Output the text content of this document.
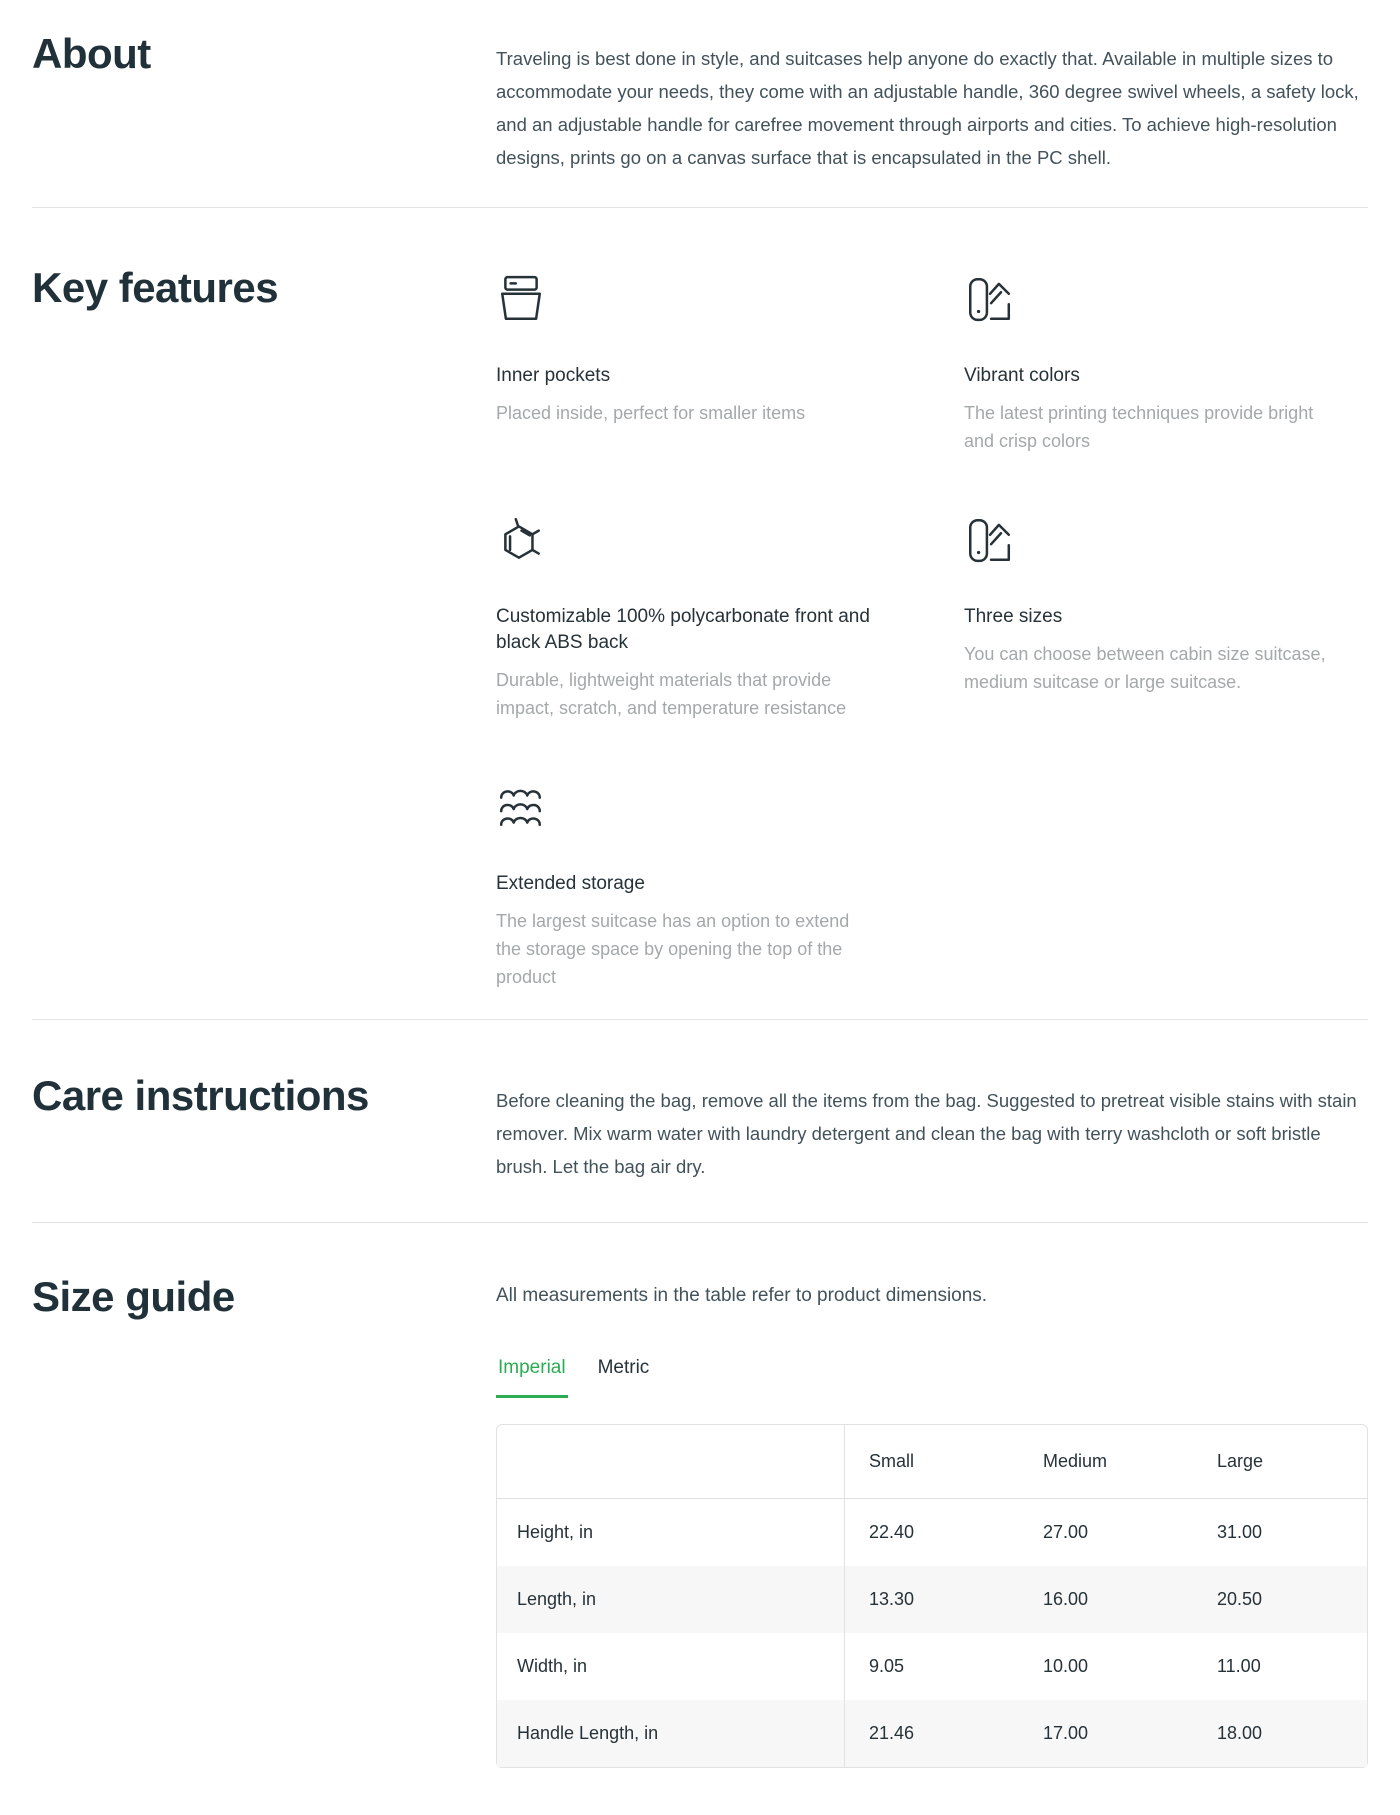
About	Traveling is best done in style, and suitcases help anyone do exactly that. Available in multiple sizes to accommodate your needs, they come with an adjustable handle, 360 degree swivel wheels, a safety lock, and an adjustable handle for carefree movement through airports and cities. To achieve high-resolution designs, prints go on a canvas surface that is encapsulated in the PC shell.

Key features
Inner pockets

Placed inside, perfect for smaller items

Vibrant colors

The latest printing techniques provide bright and crisp colors

Customizable 100% polycarbonate front and black ABS back

Durable, lightweight materials that provide impact, scratch, and temperature resistance

Three sizes

You can choose between cabin size suitcase, medium suitcase or large suitcase.

Extended storage

The largest suitcase has an option to extend the storage space by opening the top of the product

Care instructions	Before cleaning the bag, remove all the items from the bag. Suggested to pretreat visible stains with stain remover. Mix warm water with laundry detergent and clean the bag with terry washcloth or soft bristle brush. Let the bag air dry.

Size guide	All measurements in the table refer to product dimensions.

Imperial Metric
	Small	Medium	Large
Height, in	22.40	27.00	31.00
Length, in	13.30	16.00	20.50
Width, in	9.05	10.00	11.00
Handle Length, in	21.46	17.00	18.00
